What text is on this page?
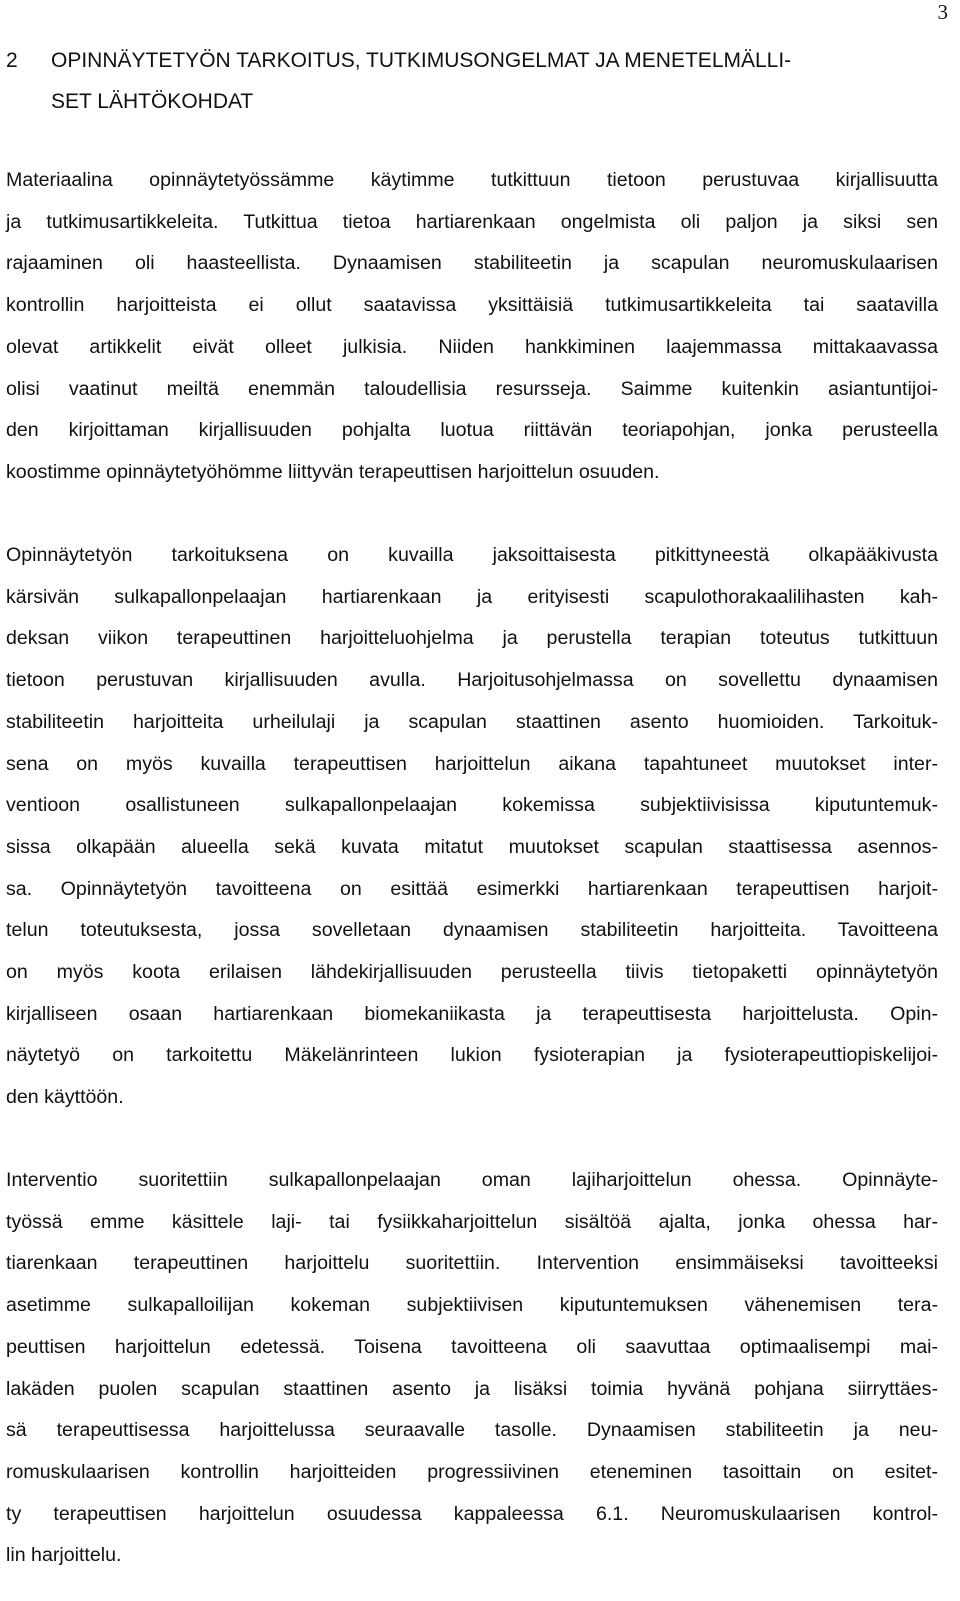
3
2	OPINNÄYTETYÖN TARKOITUS, TUTKIMUSONGELMAT JA MENETELMÄLLI-
SET LÄHTÖKOHDAT
Materiaalina opinnäytetyössämme käytimme tutkittuun tietoon perustuvaa kirjallisuutta
ja tutkimusartikkeleita. Tutkittua tietoa hartiarenkaan ongelmista oli paljon ja siksi sen
rajaaminen oli haasteellista. Dynaamisen stabiliteetin ja scapulan neuromuskulaarisen
kontrollin harjoitteista ei ollut saatavissa yksittäisiä tutkimusartikkeleita tai saatavilla
olevat artikkelit eivät olleet julkisia. Niiden hankkiminen laajemmassa mittakaavassa
olisi vaatinut meiltä enemmän taloudellisia resursseja. Saimme kuitenkin asiantuntijoi-
den kirjoittaman kirjallisuuden pohjalta luotua riittävän teoriapohjan, jonka perusteella
koostimme opinnäytetyöhömme liittyvän terapeuttisen harjoittelun osuuden.
Opinnäytetyön tarkoituksena on kuvailla jaksoittaisesta pitkittyneestä olkapääkivusta
kärsivän sulkapallonpelaajan hartiarenkaan ja erityisesti scapulothorakaalilihasten kah-
deksan viikon terapeuttinen harjoitteluohjelma ja perustella terapian toteutus tutkittuun
tietoon perustuvan kirjallisuuden avulla. Harjoitusohjelmassa on sovellettu dynaamisen
stabiliteetin harjoitteita urheilulaji ja scapulan staattinen asento huomioiden. Tarkoituk-
sena on myös kuvailla terapeuttisen harjoittelun aikana tapahtuneet muutokset inter-
ventioon osallistuneen sulkapallonpelaajan kokemissa subjektiivisissa kiputuntemuk-
sissa olkapään alueella sekä kuvata mitatut muutokset scapulan staattisessa asennos-
sa. Opinnäytetyön tavoitteena on esittää esimerkki hartiarenkaan terapeuttisen harjoit-
telun toteutuksesta, jossa sovelletaan dynaamisen stabiliteetin harjoitteita. Tavoitteena
on myös koota erilaisen lähdekirjallisuuden perusteella tiivis tietopaketti opinnäytetyön
kirjalliseen osaan hartiarenkaan biomekaniikasta ja terapeuttisesta harjoittelusta. Opin-
näytetyö on tarkoitettu Mäkelänrinteen lukion fysioterapian ja fysioterapeuttiopiskelijoi-
den käyttöön.
Interventio suoritettiin sulkapallonpelaajan oman lajiharjoittelun ohessa. Opinnäyte-
työssä emme käsittele laji- tai fysiikkaharjoittelun sisältöä ajalta, jonka ohessa har-
tiarenkaan terapeuttinen harjoittelu suoritettiin. Intervention ensimmäiseksi tavoitteeksi
asetimme sulkapalloilijan kokeman subjektiivisen kiputuntemuksen vähenemisen tera-
peuttisen harjoittelun edetessä. Toisena tavoitteena oli saavuttaa optimaalisempi mai-
lakäden puolen scapulan staattinen asento ja lisäksi toimia hyvänä pohjana siirryttäes-
sä terapeuttisessa harjoittelussa seuraavalle tasolle. Dynaamisen stabiliteetin ja neu-
romuskulaarisen kontrollin harjoitteiden progressiivinen eteneminen tasoittain on esitet-
ty terapeuttisen harjoittelun osuudessa kappaleessa 6.1. Neuromuskulaarisen kontrol-
lin harjoittelu.
